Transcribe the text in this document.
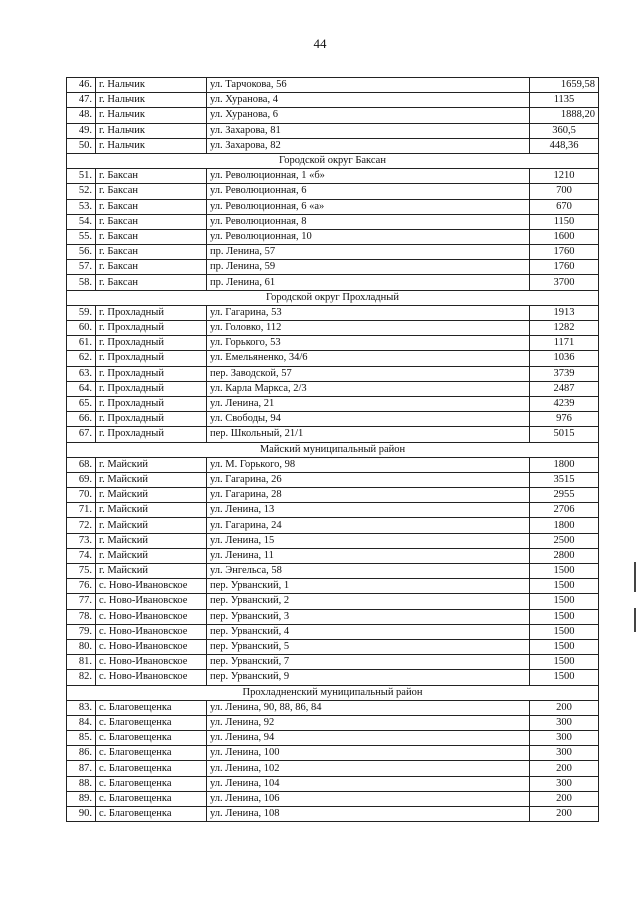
44
46.	г. Нальчик	ул. Тарчокова, 56	1659,58
47.	г. Нальчик	ул. Хуранова, 4	1135
48.	г. Нальчик	ул. Хуранова, 6	1888,20
49.	г. Нальчик	ул. Захарова, 81	360,5
50.	г. Нальчик	ул. Захарова, 82	448,36
Городской округ Баксан			
51.	г. Баксан	ул. Революционная, 1 «б»	1210
52.	г. Баксан	ул. Революционная, 6	700
53.	г. Баксан	ул. Революционная, 6 «а»	670
54.	г. Баксан	ул. Революционная, 8	1150
55.	г. Баксан	ул. Революционная, 10	1600
56.	г. Баксан	пр. Ленина, 57	1760
57.	г. Баксан	пр. Ленина, 59	1760
58.	г. Баксан	пр. Ленина, 61	3700
Городской округ Прохладный			
59.	г. Прохладный	ул. Гагарина, 53	1913
60.	г. Прохладный	ул. Головко, 112	1282
61.	г. Прохладный	ул. Горького, 53	1171
62.	г. Прохладный	ул. Емельяненко, 34/6	1036
63.	г. Прохладный	пер. Заводской, 57	3739
64.	г. Прохладный	ул. Карла Маркса, 2/3	2487
65.	г. Прохладный	ул. Ленина, 21	4239
66.	г. Прохладный	ул. Свободы, 94	976
67.	г. Прохладный	пер. Школьный, 21/1	5015
Майский муниципальный район			
68.	г. Майский	ул. М. Горького, 98	1800
69.	г. Майский	ул. Гагарина, 26	3515
70.	г. Майский	ул. Гагарина, 28	2955
71.	г. Майский	ул. Ленина, 13	2706
72.	г. Майский	ул. Гагарина, 24	1800
73.	г. Майский	ул. Ленина, 15	2500
74.	г. Майский	ул. Ленина, 11	2800
75.	г. Майский	ул. Энгельса, 58	1500
76.	с. Ново-Ивановское	пер. Урванский, 1	1500
77.	с. Ново-Ивановское	пер. Урванский, 2	1500
78.	с. Ново-Ивановское	пер. Урванский, 3	1500
79.	с. Ново-Ивановское	пер. Урванский, 4	1500
80.	с. Ново-Ивановское	пер. Урванский, 5	1500
81.	с. Ново-Ивановское	пер. Урванский, 7	1500
82.	с. Ново-Ивановское	пер. Урванский, 9	1500
Прохладненский муниципальный район			
83.	с. Благовещенка	ул. Ленина, 90, 88, 86, 84	200
84.	с. Благовещенка	ул. Ленина, 92	300
85.	с. Благовещенка	ул. Ленина, 94	300
86.	с. Благовещенка	ул. Ленина, 100	300
87.	с. Благовещенка	ул. Ленина, 102	200
88.	с. Благовещенка	ул. Ленина, 104	300
89.	с. Благовещенка	ул. Ленина, 106	200
90.	с. Благовещенка	ул. Ленина, 108	200
